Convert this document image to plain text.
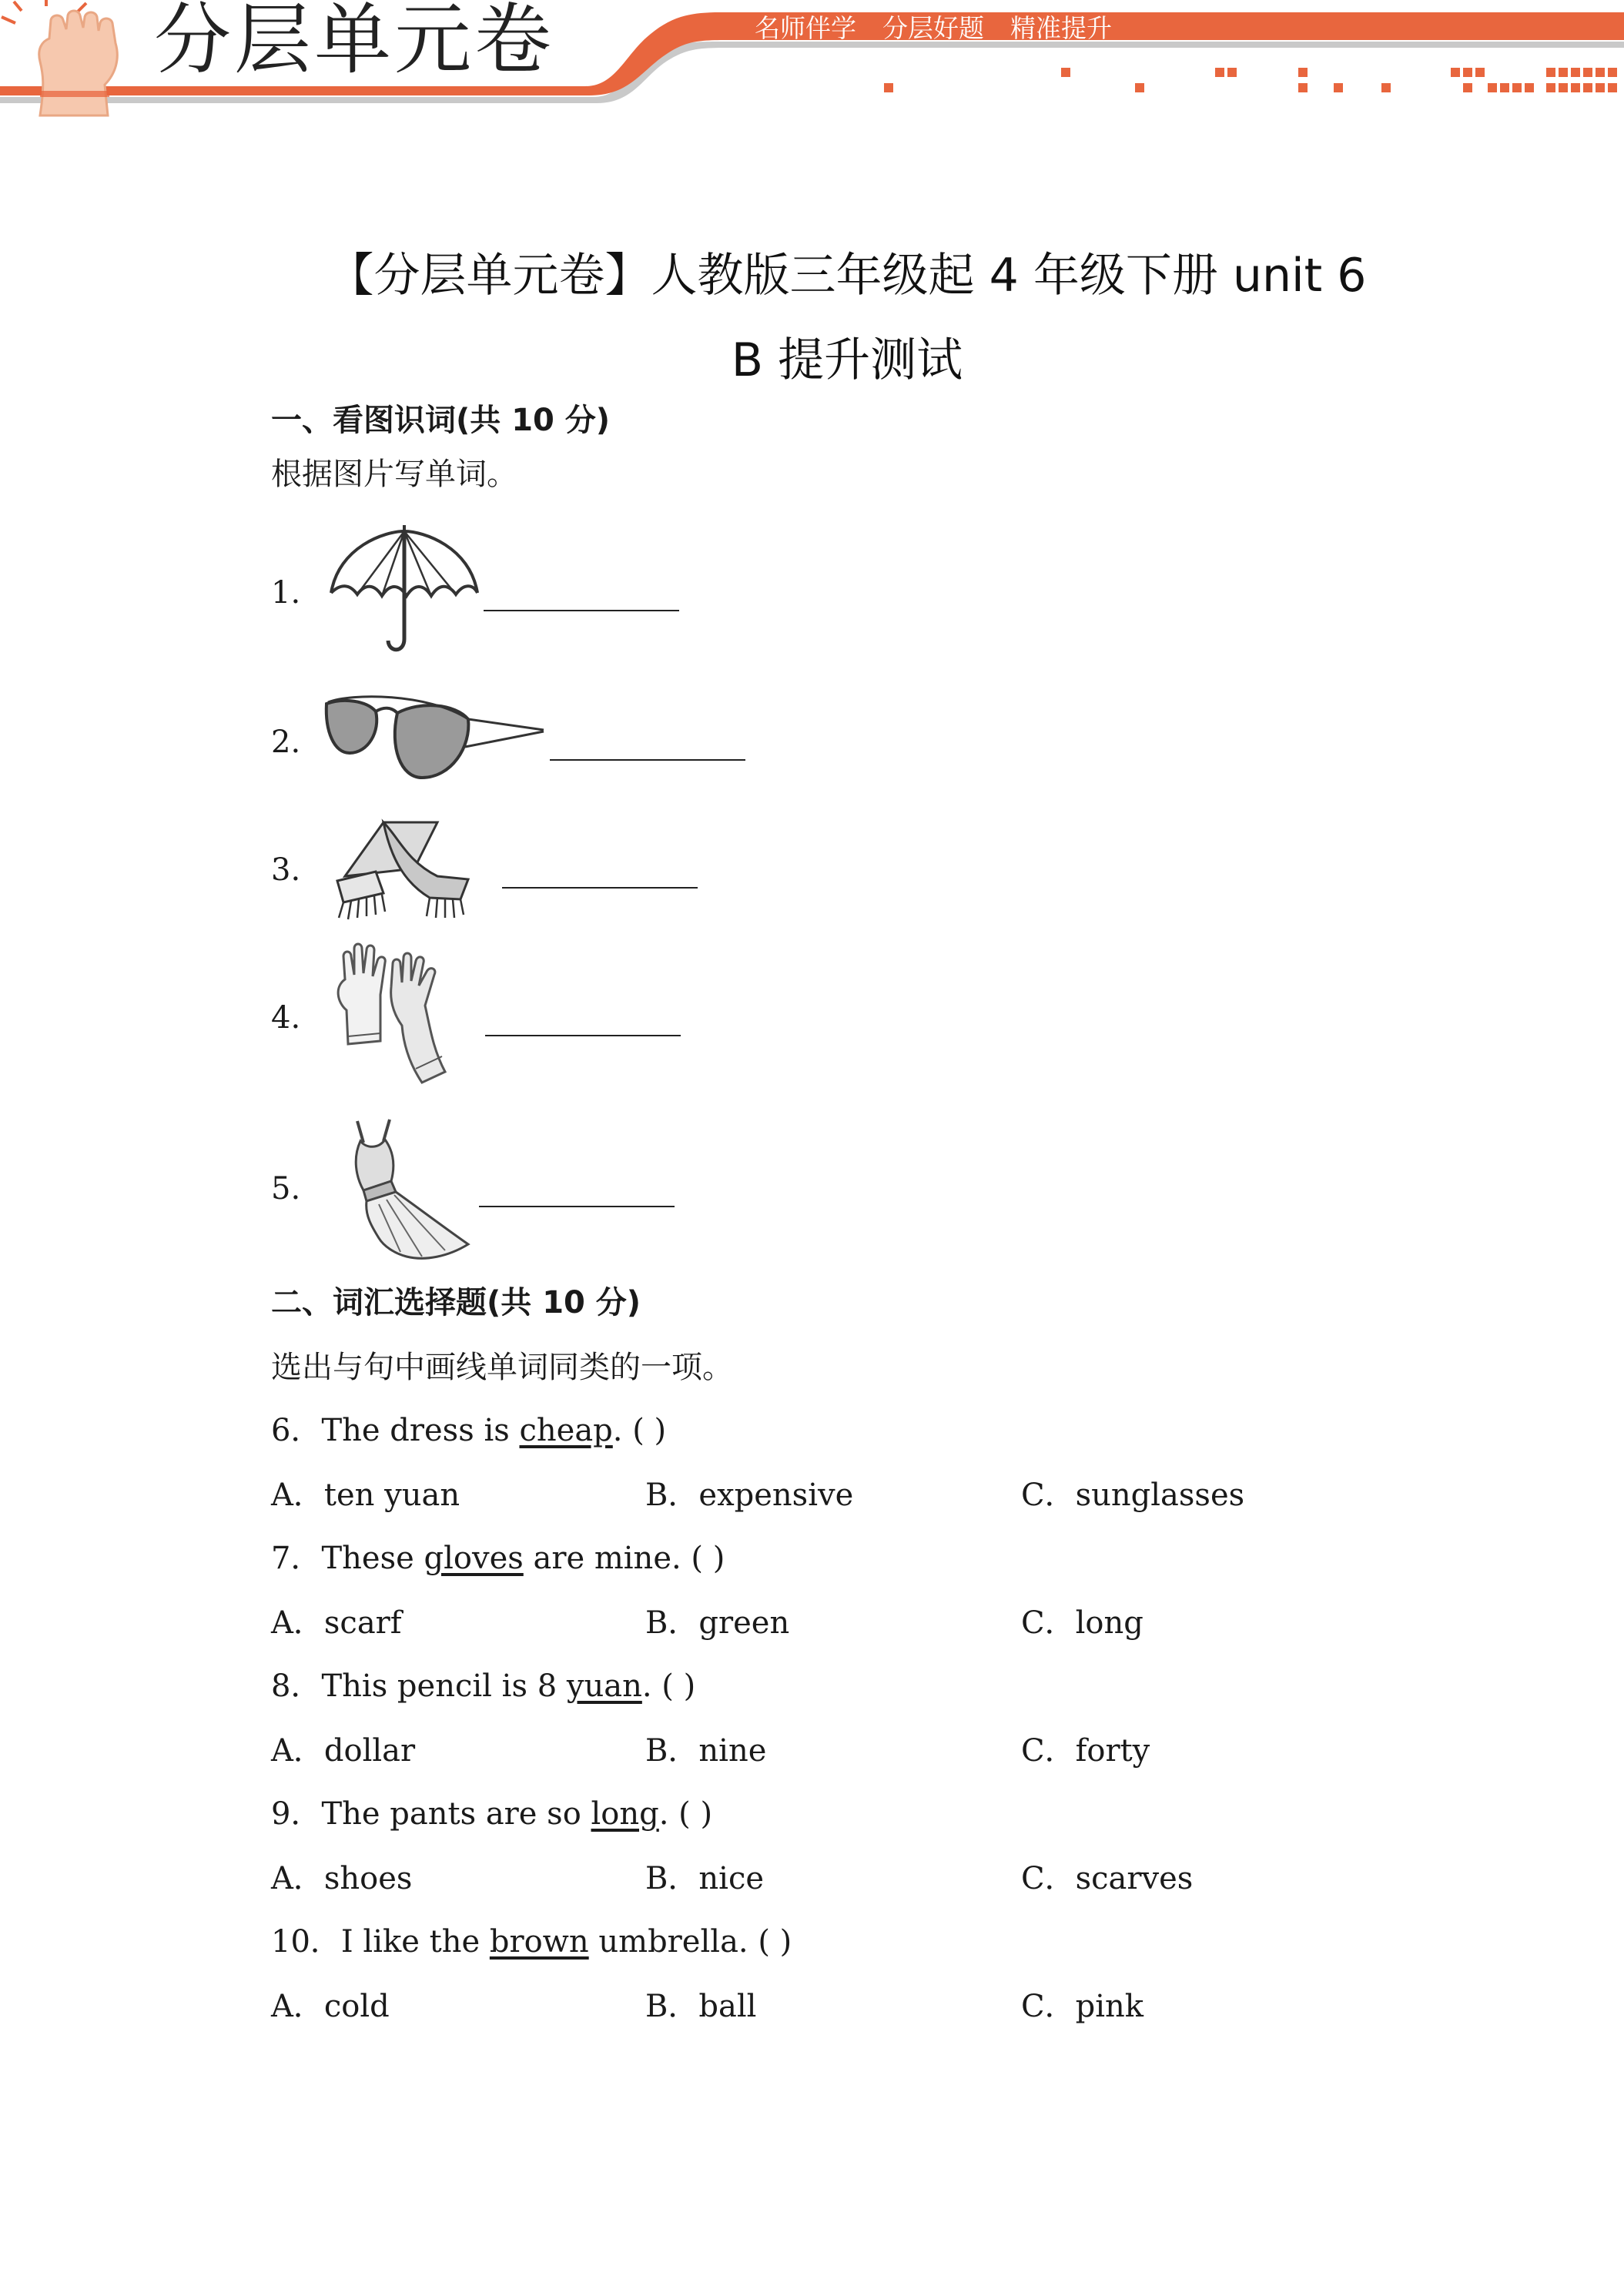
分层单元卷	名师伴学 分层好题 精准提升
【分层单元卷】人教版三年级起 4 年级下册 unit 6
B 提升测试
一、看图识词(共 10 分)
根据图片写单词。
1.
2.
3.
4.
5.
二、词汇选择题(共 10 分)
选出与句中画线单词同类的一项。
6．The dress is cheap. ( )
A．ten yuan	B．expensive	C．sunglasses
7．These gloves are mine. ( )
A．scarf	B．green	C．long
8．This pencil is 8 yuan. ( )
A．dollar	B．nine	C．forty
9．The pants are so long. ( )
A．shoes	B．nice	C．scarves
10．I like the brown umbrella. ( )
A．cold	B．ball	C．pink
